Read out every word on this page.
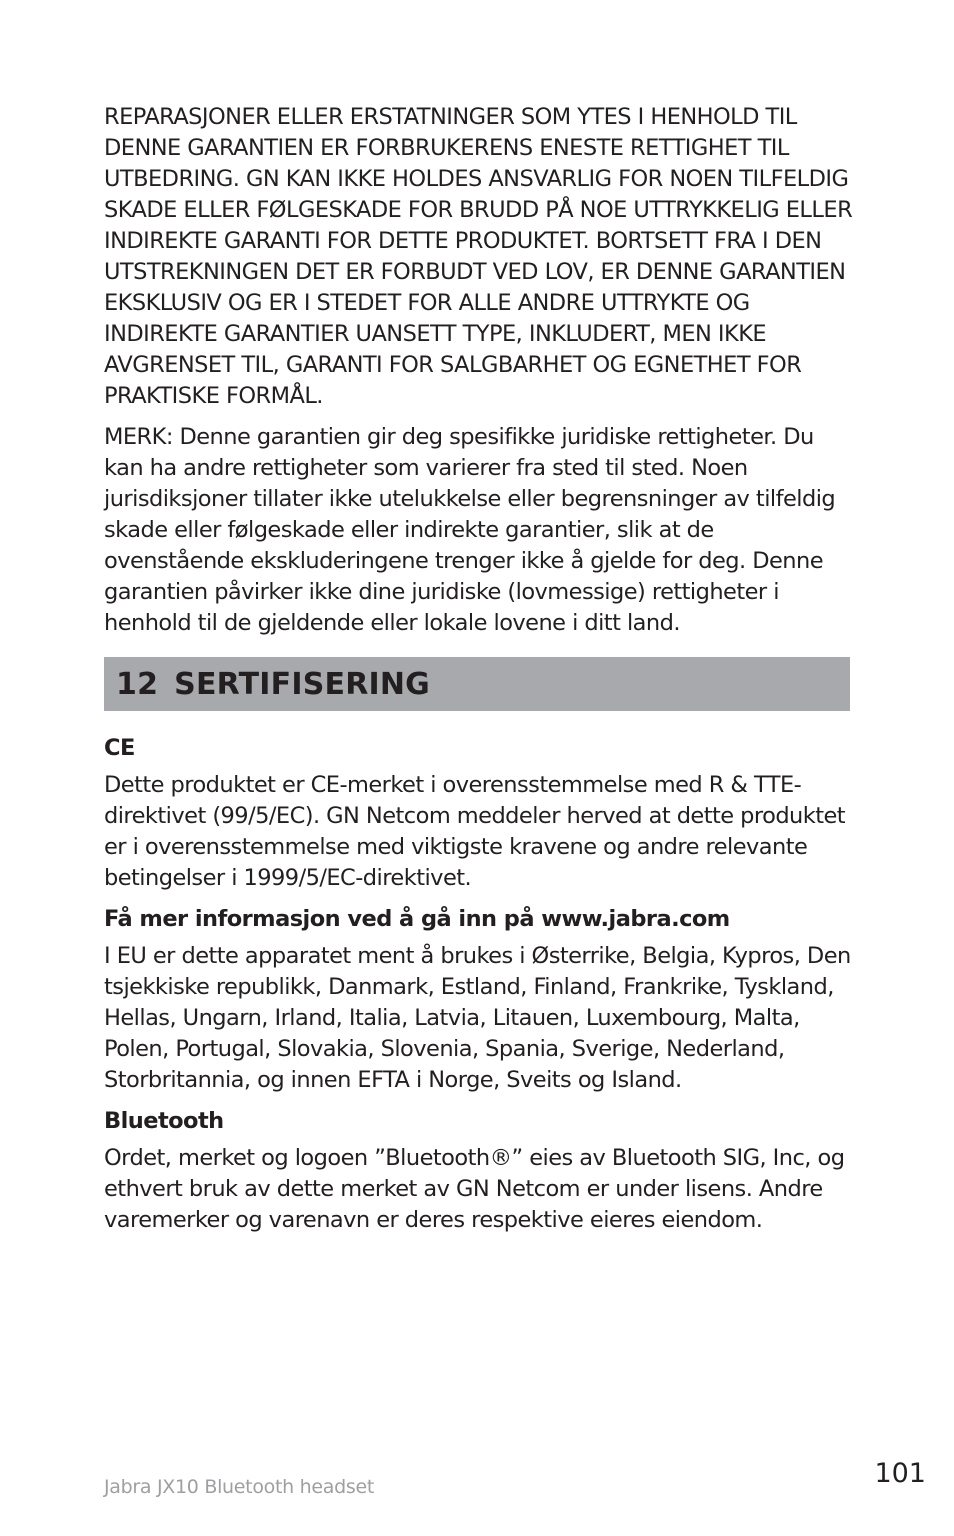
REPARASJONER ELLER ERSTATNINGER SOM YTES I HENHOLD TIL DENNE GARANTIEN ER FORBRUKERENS ENESTE RETTIGHET TIL UTBEDRING. GN KAN IKKE HOLDES ANSVARLIG FOR NOEN TILFELDIG SKADE ELLER FØLGESKADE FOR BRUDD PÅ NOE UTTRYKKELIG ELLER INDIREKTE GARANTI FOR DETTE PRODUKTET. BORTSETT FRA I DEN UTSTREKNINGEN DET ER FORBUDT VED LOV, ER DENNE GARANTIEN EKSKLUSIV OG ER I STEDET FOR ALLE ANDRE UTTRYKTE OG INDIREKTE GARANTIER UANSETT TYPE, INKLUDERT, MEN IKKE AVGRENSET TIL, GARANTI FOR SALGBARHET OG EGNETHET FOR PRAKTISKE FORMÅL.

MERK: Denne garantien gir deg spesifikke juridiske rettigheter. Du kan ha andre rettigheter som varierer fra sted til sted. Noen jurisdiksjoner tillater ikke utelukkelse eller begrensninger av tilfeldig skade eller følgeskade eller indirekte garantier, slik at de ovenstående ekskluderingene trenger ikke å gjelde for deg. Denne garantien påvirker ikke dine juridiske (lovmessige) rettigheter i henhold til de gjeldende eller lokale lovene i ditt land.

12 SERTIFISERING

CE

Dette produktet er CE-merket i overensstemmelse med R & TTE-direktivet (99/5/EC). GN Netcom meddeler herved at dette produktet er i overensstemmelse med viktigste kravene og andre relevante betingelser i 1999/5/EC-direktivet.

Få mer informasjon ved å gå inn på www.jabra.com

I EU er dette apparatet ment å brukes i Østerrike, Belgia, Kypros, Den tsjekkiske republikk, Danmark, Estland, Finland, Frankrike, Tyskland, Hellas, Ungarn, Irland, Italia, Latvia, Litauen, Luxembourg, Malta, Polen, Portugal, Slovakia, Slovenia, Spania, Sverige, Nederland, Storbritannia, og innen EFTA i Norge, Sveits og Island.

Bluetooth

Ordet, merket og logoen ”Bluetooth®” eies av Bluetooth SIG, Inc, og ethvert bruk av dette merket av GN Netcom er under lisens. Andre varemerker og varenavn er deres respektive eieres eiendom.

Jabra JX10 Bluetooth headset	101
